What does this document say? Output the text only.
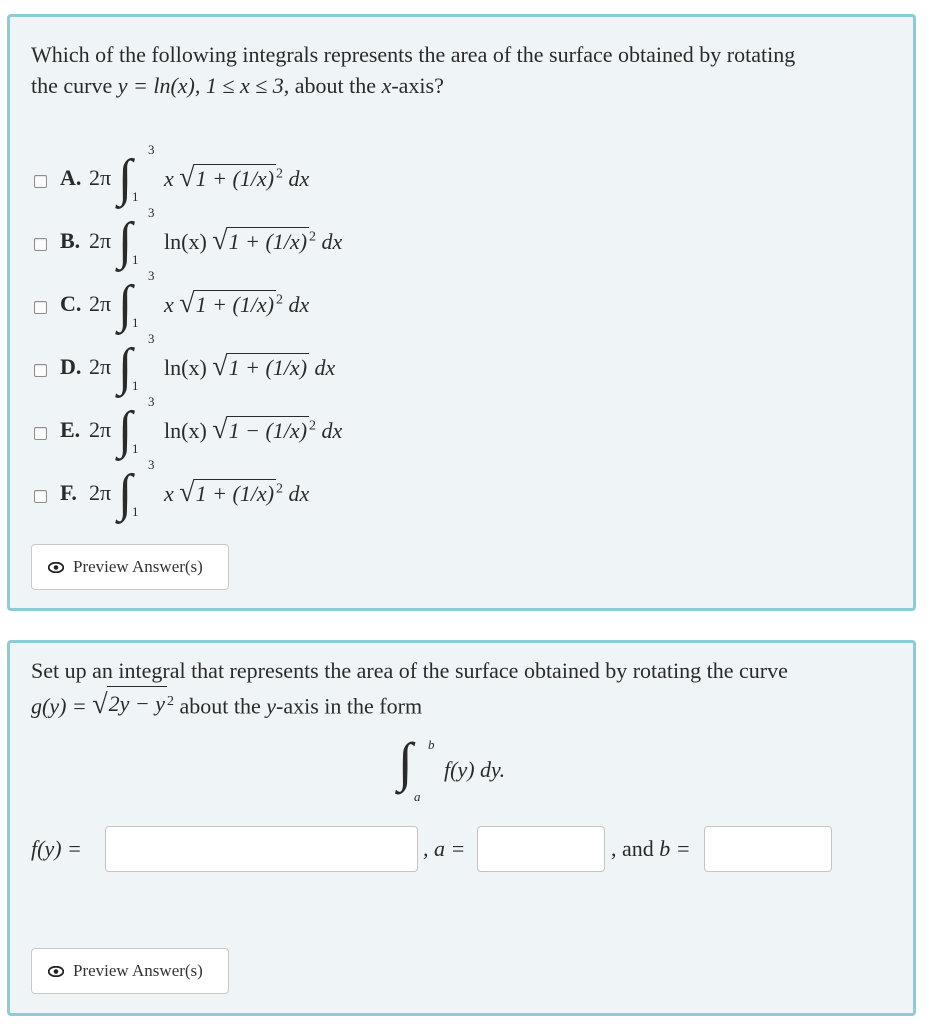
Which of the following integrals represents the area of the surface obtained by rotating
the curve y = ln(x), 1 ≤ x ≤ 3, about the x-axis?

A. 2π ∫
3
1
x √ 1 + (1/x) $^2$ dx
B. 2π ∫
3
1
ln(x) √ 1 + (1/x) $^2$ dx
C. 2π ∫
3
1
x √ 1 + (1/x) $^2$ dx
D. 2π ∫
3
1
ln(x) √ 1 + (1/x) dx
E. 2π ∫
3
1
ln(x) √ 1 − (1/x) $^2$ dx
F. 2π ∫
3
1
x √ 1 + (1/x) $^2$ dx
Preview Answer(s)

Set up an integral that represents the area of the surface obtained by rotating the curve
g(y) = √ 2y − y $^2$ about the y-axis in the form

∫ b
a
f(y) dy.
f(y) =	, a =	, and b =
Preview Answer(s)
